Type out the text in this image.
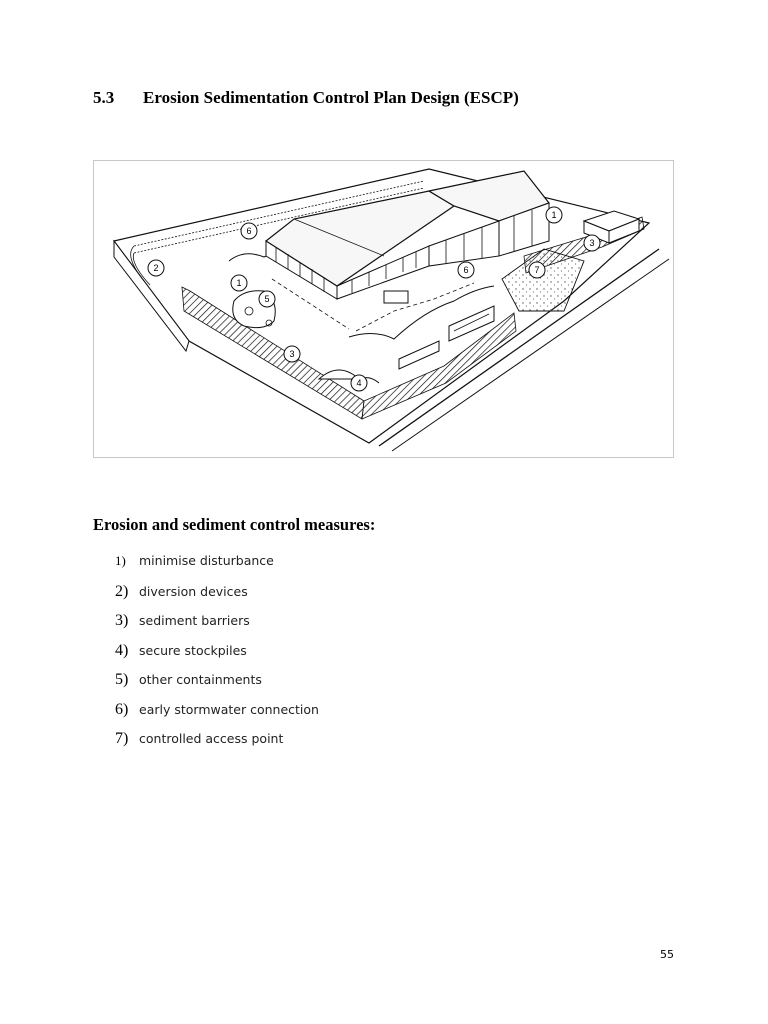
5.3 Erosion Sedimentation Control Plan Design (ESCP)
6
2
1
5
3
4
6	7
1
3
Erosion and sediment control measures:
1)	minimise disturbance
2) diversion devices
3) sediment barriers
4) secure stockpiles
5) other containments
6) early stormwater connection
7) controlled access point
55
